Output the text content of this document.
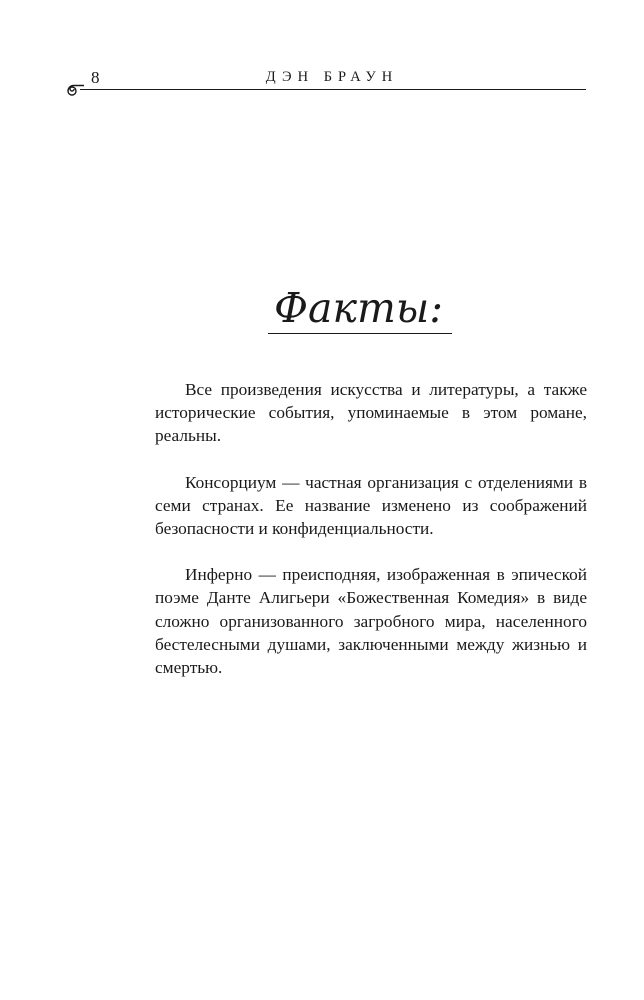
8	ДЭН БРАУН
Факты:

Все произведения искусства и литературы, а также исторические события, упоминаемые в этом романе, реальны.

Консорциум — частная организация с отделениями в семи странах. Ее название изменено из соображений безопасности и конфиденциальности.

Инферно — преисподняя, изображенная в эпической поэме Данте Алигьери «Божественная Комедия» в виде сложно организованного загробного мира, населенного бестелесными душами, заключенными между жизнью и смертью.
